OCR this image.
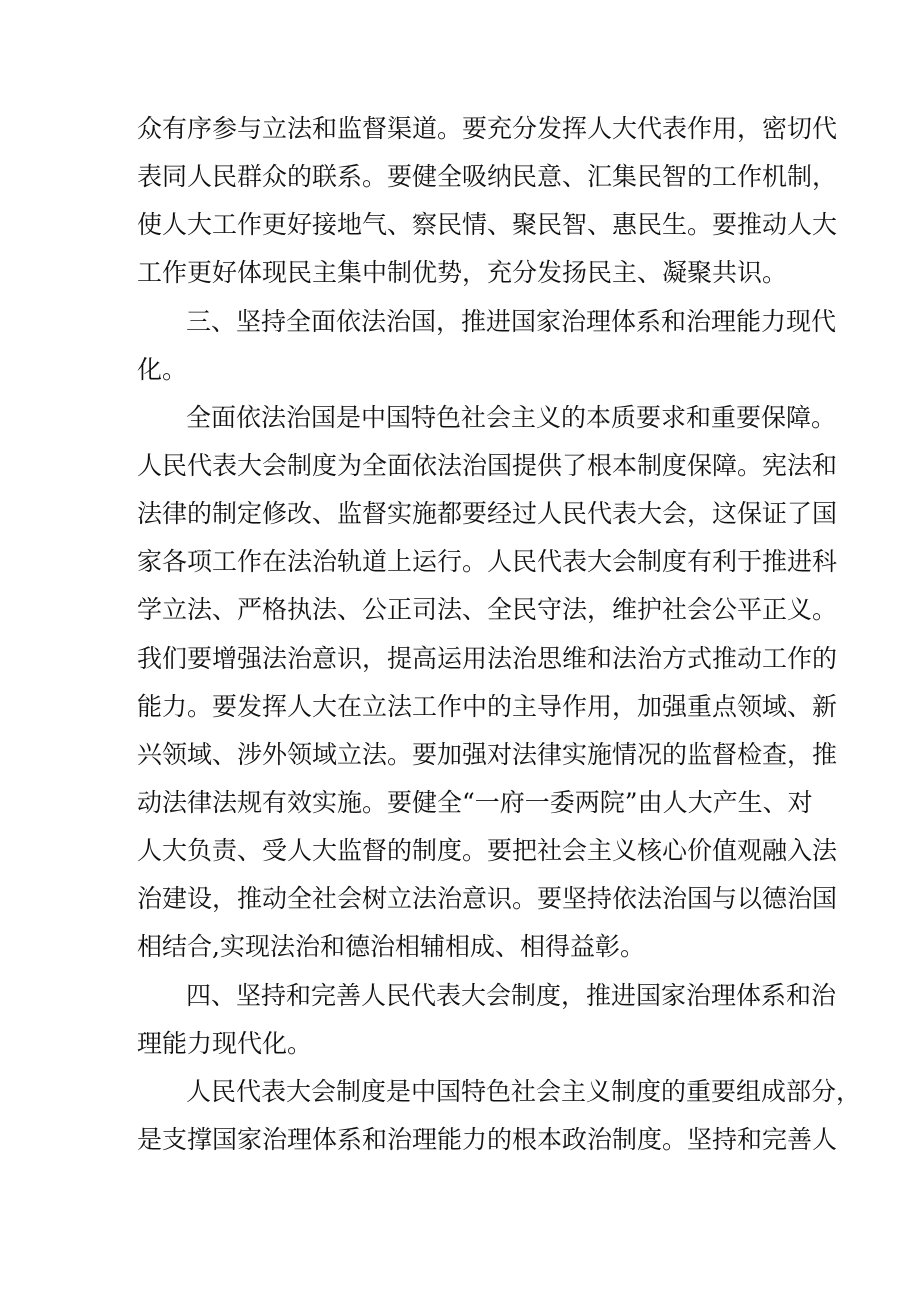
众有序参与立法和监督渠道。要充分发挥人大代表作用，密切代
表同人民群众的联系。要健全吸纳民意、汇集民智的工作机制，
使人大工作更好接地气、察民情、聚民智、惠民生。要推动人大
工作更好体现民主集中制优势，充分发扬民主、凝聚共识。
三、坚持全面依法治国，推进国家治理体系和治理能力现代
化。
全面依法治国是中国特色社会主义的本质要求和重要保障。
人民代表大会制度为全面依法治国提供了根本制度保障。宪法和
法律的制定修改、监督实施都要经过人民代表大会，这保证了国
家各项工作在法治轨道上运行。人民代表大会制度有利于推进科
学立法、严格执法、公正司法、全民守法，维护社会公平正义。
我们要增强法治意识，提高运用法治思维和法治方式推动工作的
能力。要发挥人大在立法工作中的主导作用，加强重点领域、新
兴领域、涉外领域立法。要加强对法律实施情况的监督检查，推
动法律法规有效实施。要健全“一府一委两院”由人大产生、对
人大负责、受人大监督的制度。要把社会主义核心价值观融入法
治建设，推动全社会树立法治意识。要坚持依法治国与以德治国
相结合,实现法治和德治相辅相成、相得益彰。
四、坚持和完善人民代表大会制度，推进国家治理体系和治
理能力现代化。
人民代表大会制度是中国特色社会主义制度的重要组成部分，
是支撑国家治理体系和治理能力的根本政治制度。坚持和完善人
